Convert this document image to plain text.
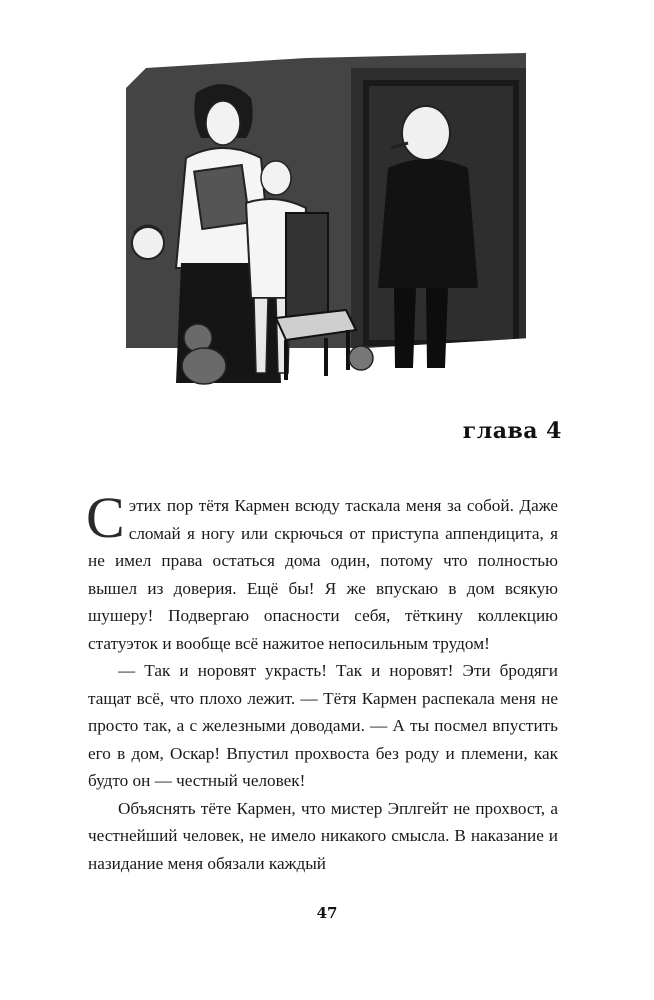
глава 4

Сэтих пор тётя Кармен всюду таскала меня за собой. Даже сломай я ногу или скрючься от приступа аппендицита, я не имел права остаться дома один, потому что полностью вышел из доверия. Ещё бы! Я же впускаю в дом всякую шушеру! Подвергаю опасности себя, тёткину коллекцию статуэток и вообще всё нажитое непосильным трудом!

— Так и норовят украсть! Так и норовят! Эти бродяги тащат всё, что плохо лежит. — Тётя Кармен распекала меня не просто так, а с железными доводами. — А ты посмел впустить его в дом, Оскар! Впустил прохвоста без роду и племени, как будто он — честный человек!

Объяснять тёте Кармен, что мистер Эплгейт не прохвост, а честнейший человек, не имело никакого смысла. В наказание и назидание меня обязали каждый

47
